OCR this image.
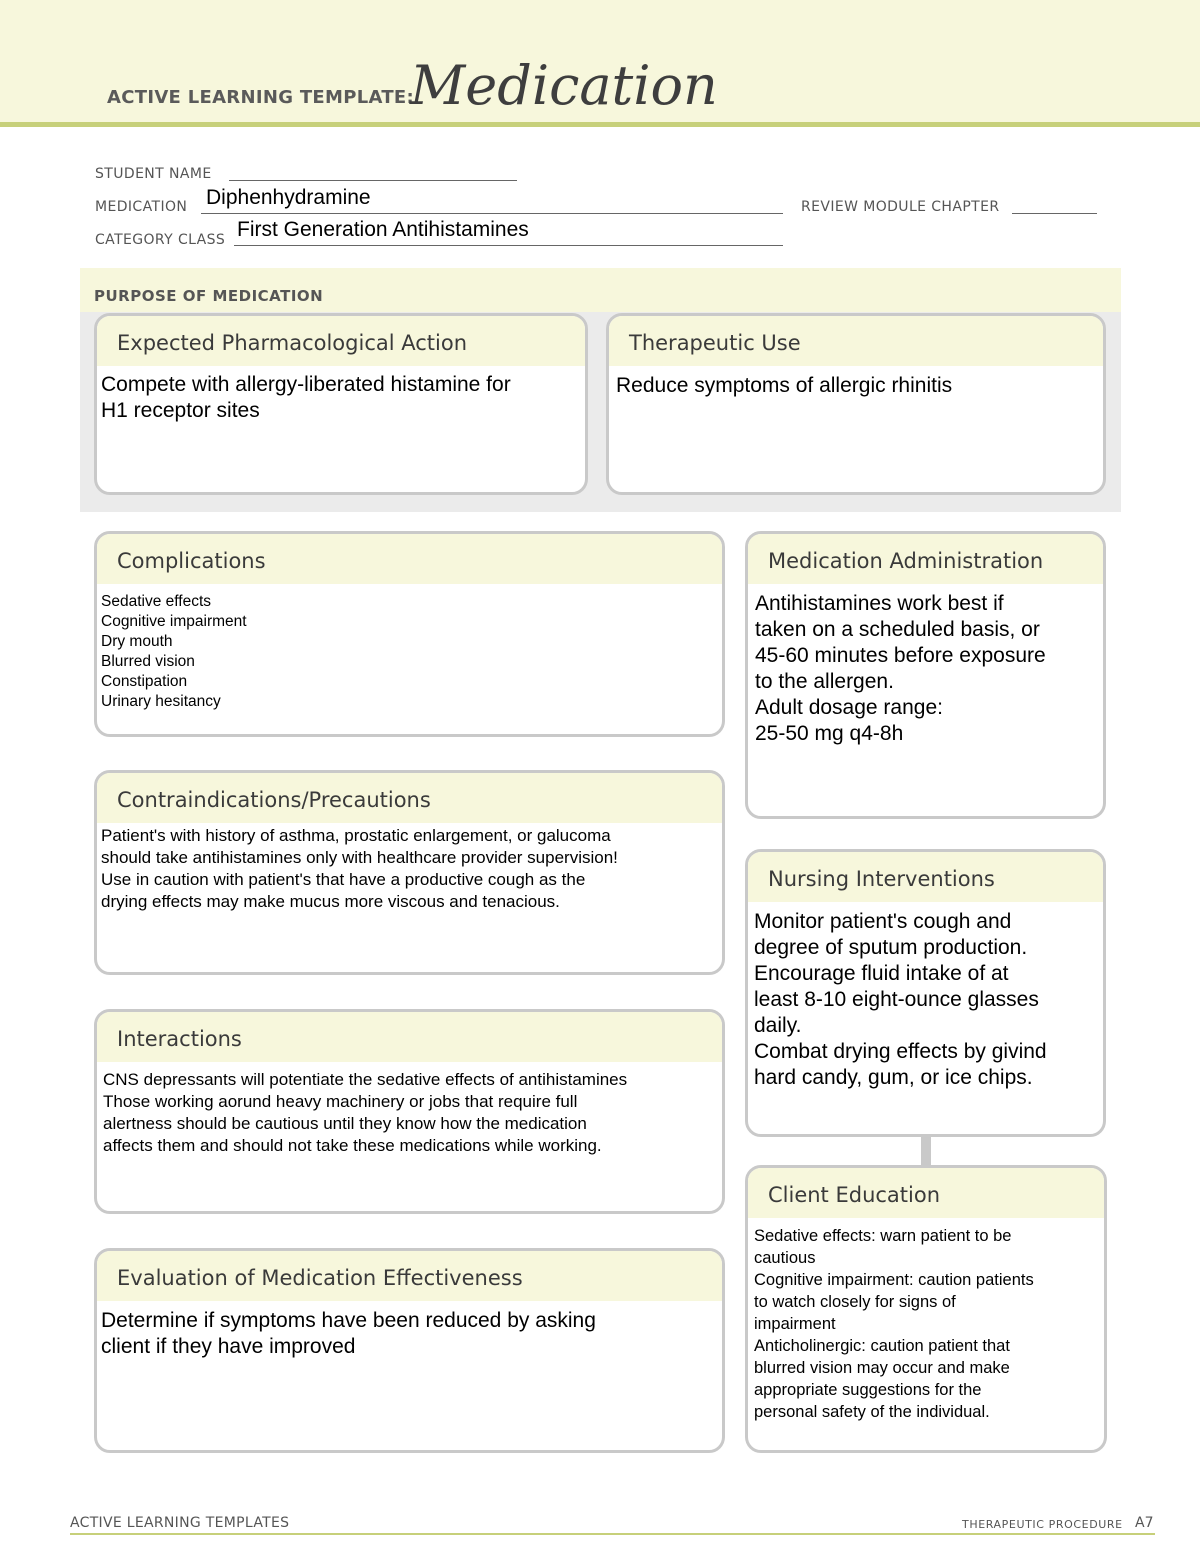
ACTIVE LEARNING TEMPLATE:
Medication
STUDENT NAME
MEDICATION Diphenhydramine	REVIEW MODULE CHAPTER
CATEGORY CLASS First Generation Antihistamines
PURPOSE OF MEDICATION
Expected Pharmacological Action
Compete with allergy-liberated histamine for
H1 receptor sites
Therapeutic Use
Reduce symptoms of allergic rhinitis
Complications
Sedative effects
Cognitive impairment
Dry mouth
Blurred vision
Constipation
Urinary hesitancy
Contraindications/Precautions
Patient's with history of asthma, prostatic enlargement, or galucoma
should take antihistamines only with healthcare provider supervision!
Use in caution with patient's that have a productive cough as the
drying effects may make mucus more viscous and tenacious.
Interactions
CNS depressants will potentiate the sedative effects of antihistamines
Those working aorund heavy machinery or jobs that require full
alertness should be cautious until they know how the medication
affects them and should not take these medications while working.
Evaluation of Medication Effectiveness
Determine if symptoms have been reduced by asking
client if they have improved
Medication Administration
Antihistamines work best if
taken on a scheduled basis, or
45-60 minutes before exposure
to the allergen.
Adult dosage range:
25-50 mg q4-8h
Nursing Interventions
Monitor patient's cough and
degree of sputum production.
Encourage fluid intake of at
least 8-10 eight-ounce glasses
daily.
Combat drying effects by givind
hard candy, gum, or ice chips.
Client Education
Sedative effects: warn patient to be
cautious
Cognitive impairment: caution patients
to watch closely for signs of
impairment
Anticholinergic: caution patient that
blurred vision may occur and make
appropriate suggestions for the
personal safety of the individual.
ACTIVE LEARNING TEMPLATES	THERAPEUTIC PROCEDURE A7
